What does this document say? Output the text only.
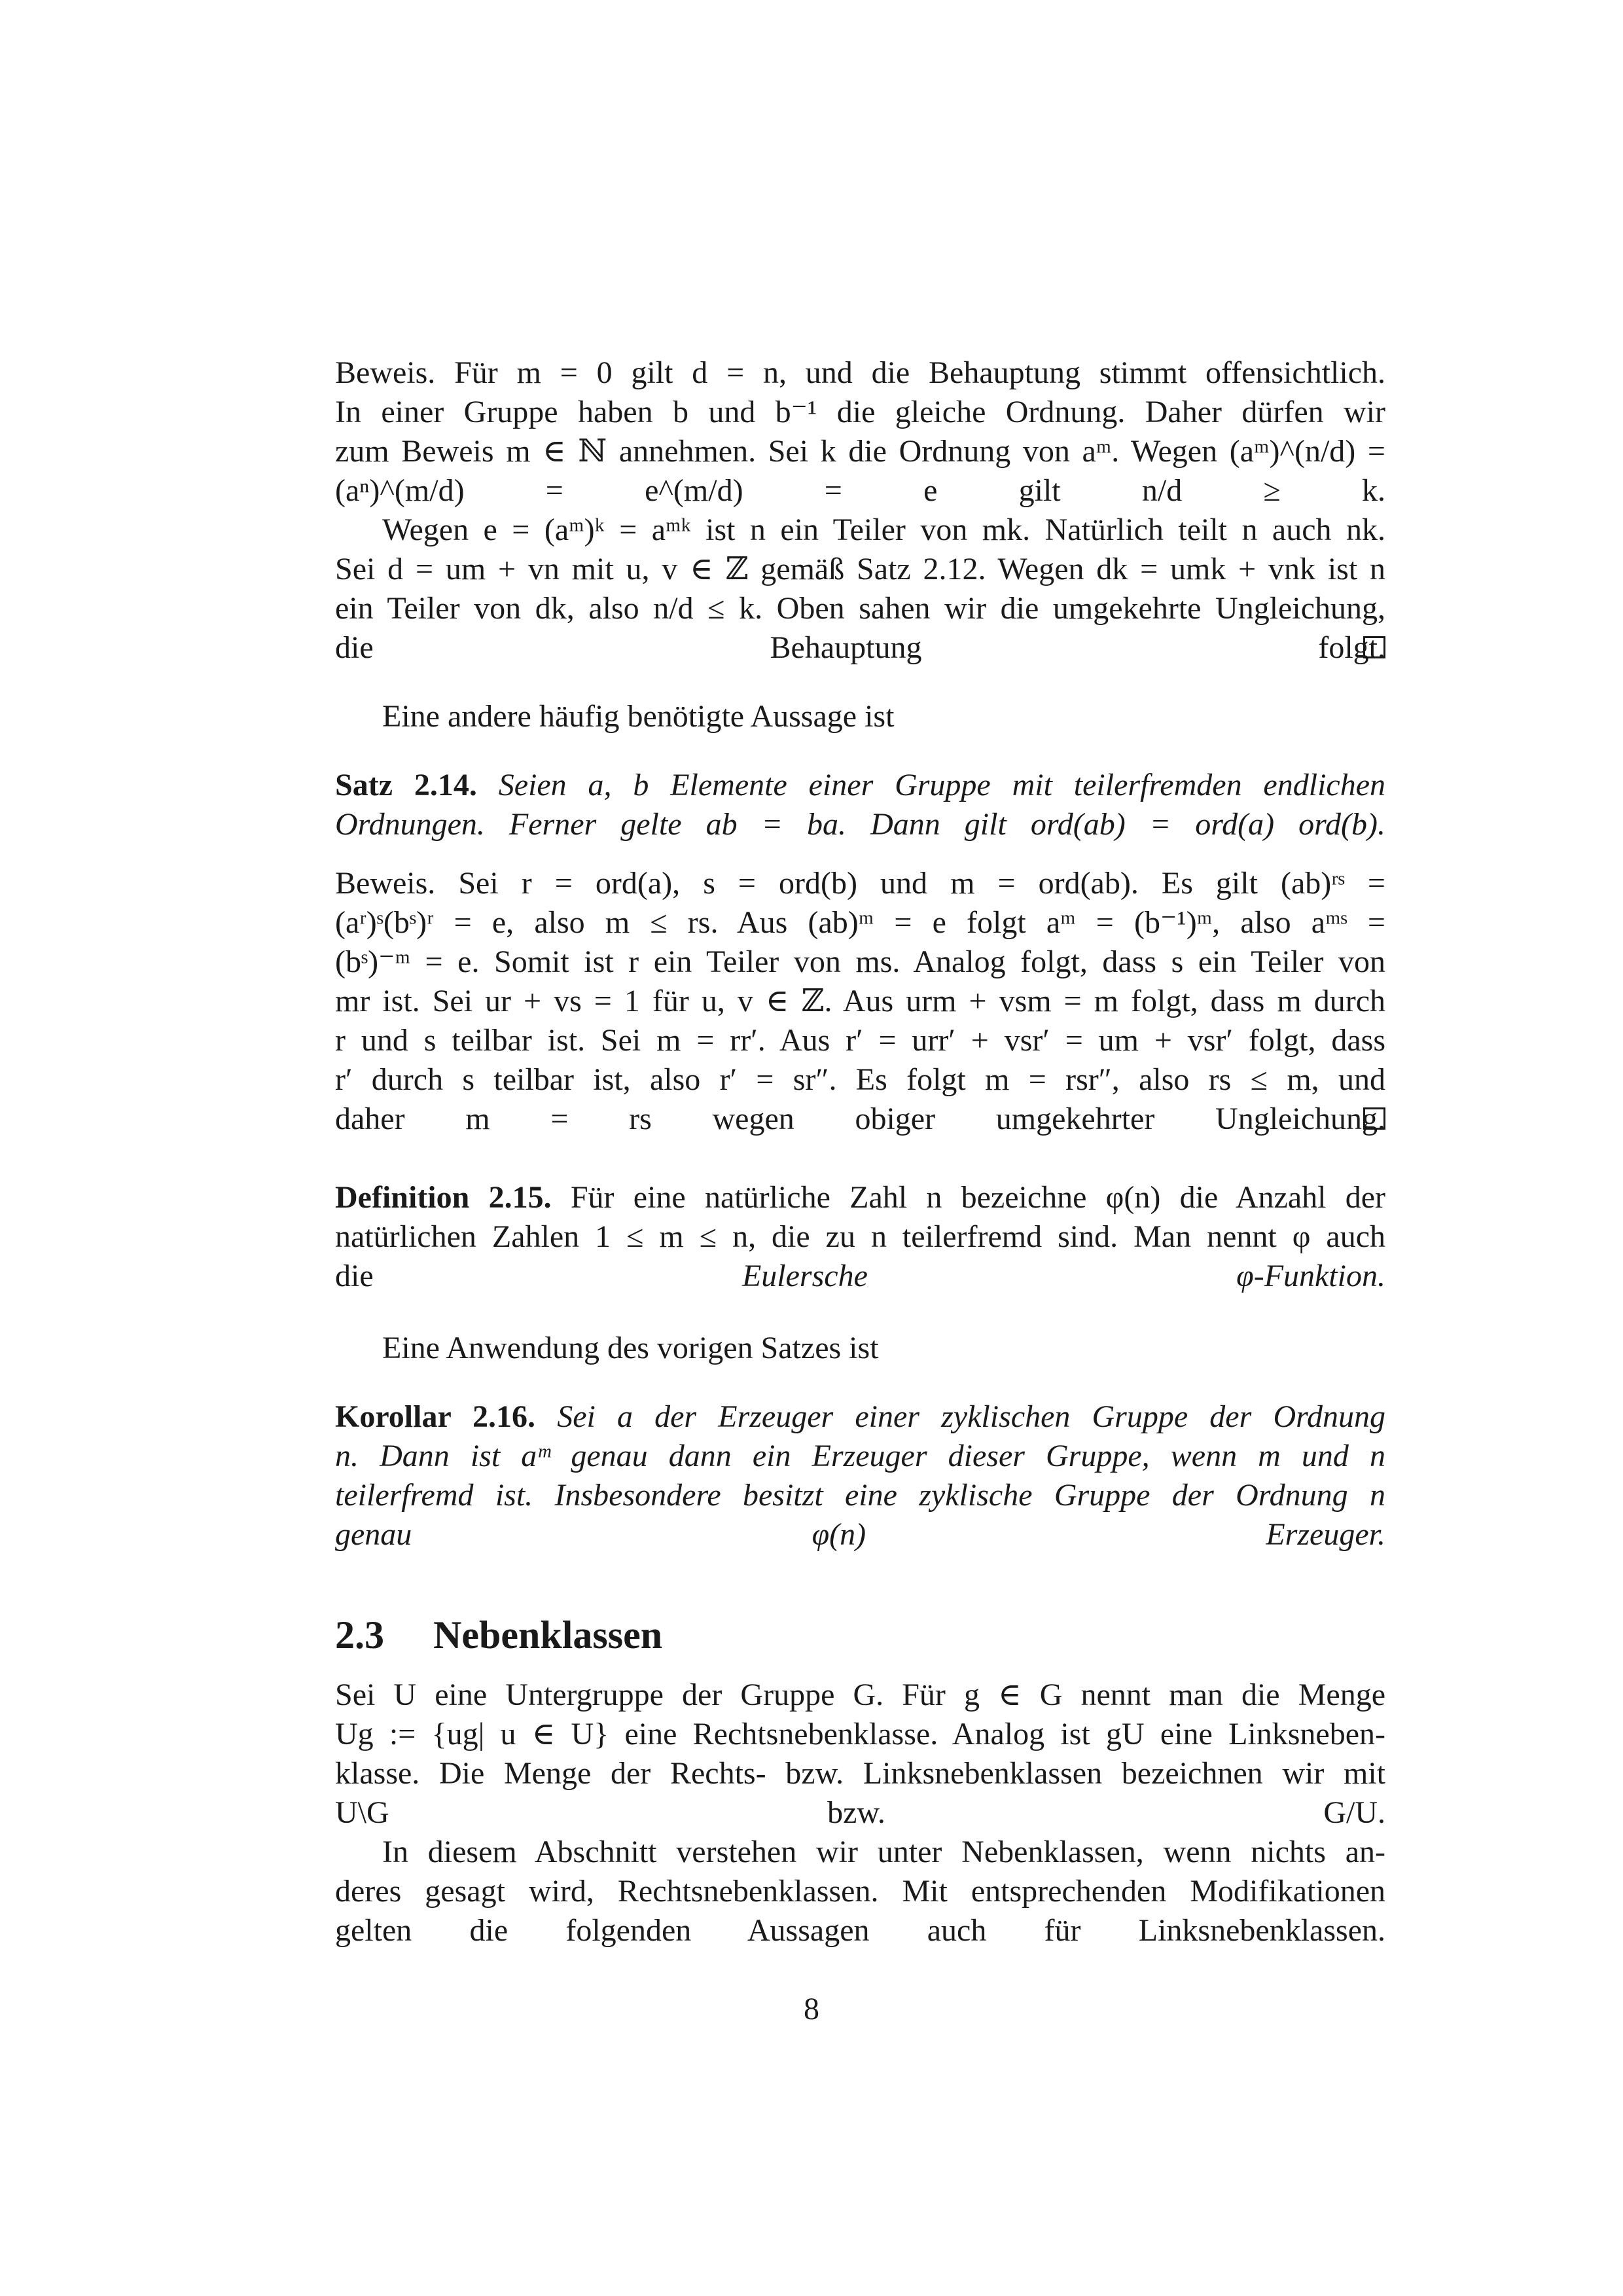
Beweis. Für m = 0 gilt d = n, und die Behauptung stimmt offensichtlich.
In einer Gruppe haben b und b⁻¹ die gleiche Ordnung. Daher dürfen wir
zum Beweis m ∈ ℕ annehmen. Sei k die Ordnung von aᵐ. Wegen (aᵐ)^(n/d) =
(aⁿ)^(m/d) = e^(m/d) = e gilt n/d ≥ k.
Wegen e = (aᵐ)ᵏ = aᵐᵏ ist n ein Teiler von mk. Natürlich teilt n auch nk.
Sei d = um + vn mit u, v ∈ ℤ gemäß Satz 2.12. Wegen dk = umk + vnk ist n
ein Teiler von dk, also n/d ≤ k. Oben sahen wir die umgekehrte Ungleichung,
die Behauptung folgt.
Eine andere häufig benötigte Aussage ist
Satz 2.14. Seien a, b Elemente einer Gruppe mit teilerfremden endlichen
Ordnungen. Ferner gelte ab = ba. Dann gilt ord(ab) = ord(a) ord(b).
Beweis. Sei r = ord(a), s = ord(b) und m = ord(ab). Es gilt (ab)ʳˢ =
(aʳ)ˢ(bˢ)ʳ = e, also m ≤ rs. Aus (ab)ᵐ = e folgt aᵐ = (b⁻¹)ᵐ, also aᵐˢ =
(bˢ)⁻ᵐ = e. Somit ist r ein Teiler von ms. Analog folgt, dass s ein Teiler von
mr ist. Sei ur + vs = 1 für u, v ∈ ℤ. Aus urm + vsm = m folgt, dass m durch
r und s teilbar ist. Sei m = rr′. Aus r′ = urr′ + vsr′ = um + vsr′ folgt, dass
r′ durch s teilbar ist, also r′ = sr″. Es folgt m = rsr″, also rs ≤ m, und
daher m = rs wegen obiger umgekehrter Ungleichung.
Definition 2.15. Für eine natürliche Zahl n bezeichne φ(n) die Anzahl der
natürlichen Zahlen 1 ≤ m ≤ n, die zu n teilerfremd sind. Man nennt φ auch
die Eulersche φ-Funktion.
Eine Anwendung des vorigen Satzes ist
Korollar 2.16. Sei a der Erzeuger einer zyklischen Gruppe der Ordnung
n. Dann ist aᵐ genau dann ein Erzeuger dieser Gruppe, wenn m und n
teilerfremd ist. Insbesondere besitzt eine zyklische Gruppe der Ordnung n
genau φ(n) Erzeuger.
2.3 Nebenklassen
Sei U eine Untergruppe der Gruppe G. Für g ∈ G nennt man die Menge
Ug := {ug| u ∈ U} eine Rechtsnebenklasse. Analog ist gU eine Linksneben-
klasse. Die Menge der Rechts- bzw. Linksnebenklassen bezeichnen wir mit
U\G bzw. G/U.
In diesem Abschnitt verstehen wir unter Nebenklassen, wenn nichts an-
deres gesagt wird, Rechtsnebenklassen. Mit entsprechenden Modifikationen
gelten die folgenden Aussagen auch für Linksnebenklassen.
8
